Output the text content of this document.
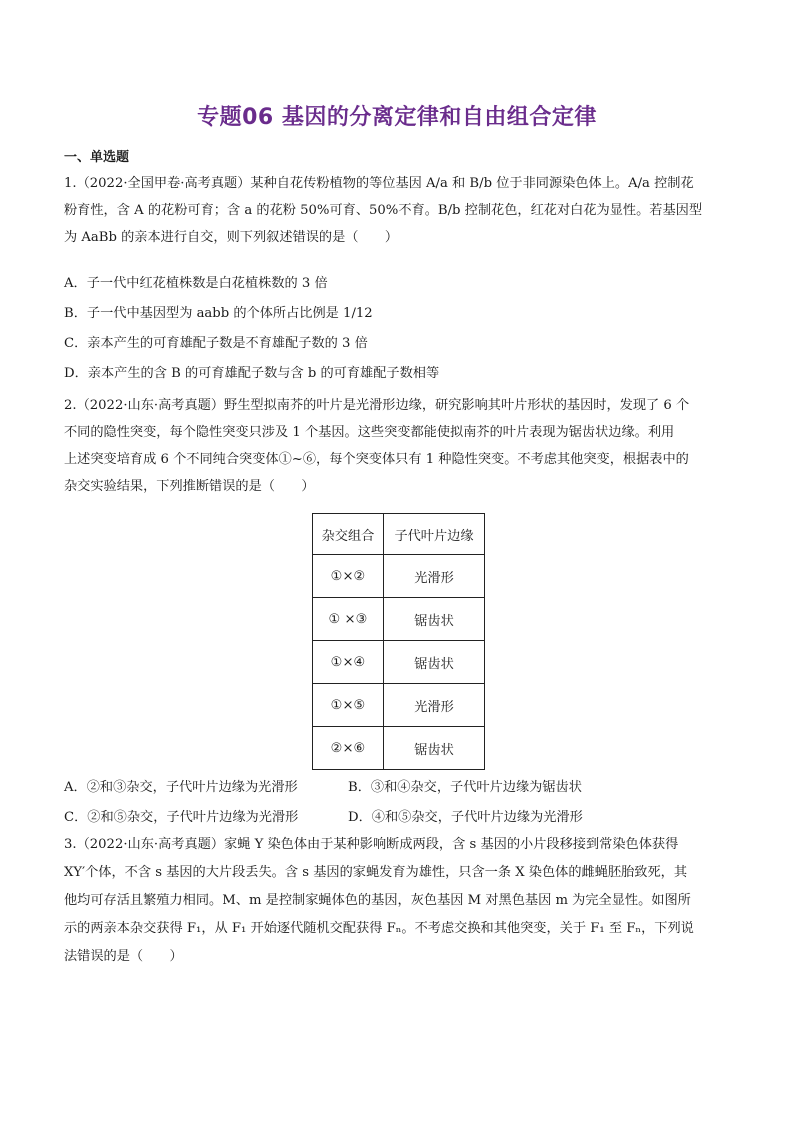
专题06 基因的分离定律和自由组合定律
一、单选题
1.（2022·全国甲卷·高考真题）某种自花传粉植物的等位基因 A/a 和 B/b 位于非同源染色体上。A/a 控制花
粉育性，含 A 的花粉可育；含 a 的花粉 50%可育、50%不育。B/b 控制花色，红花对白花为显性。若基因型
为 AaBb 的亲本进行自交，则下列叙述错误的是（　　）
A．子一代中红花植株数是白花植株数的 3 倍
B．子一代中基因型为 aabb 的个体所占比例是 1/12
C．亲本产生的可育雄配子数是不育雄配子数的 3 倍
D．亲本产生的含 B 的可育雄配子数与含 b 的可育雄配子数相等
2.（2022·山东·高考真题）野生型拟南芥的叶片是光滑形边缘，研究影响其叶片形状的基因时，发现了 6 个
不同的隐性突变，每个隐性突变只涉及 1 个基因。这些突变都能使拟南芥的叶片表现为锯齿状边缘。利用
上述突变培育成 6 个不同纯合突变体①~⑥，每个突变体只有 1 种隐性突变。不考虑其他突变，根据表中的
杂交实验结果，下列推断错误的是（　　）
杂交组合	子代叶片边缘
①×②	光滑形
① ×③	锯齿状
①×④	锯齿状
①×⑤	光滑形
②×⑥	锯齿状
A．②和③杂交，子代叶片边缘为光滑形	B．③和④杂交，子代叶片边缘为锯齿状
C．②和⑤杂交，子代叶片边缘为光滑形	D．④和⑤杂交，子代叶片边缘为光滑形
3.（2022·山东·高考真题）家蝇 Y 染色体由于某种影响断成两段，含 s 基因的小片段移接到常染色体获得
XY′个体，不含 s 基因的大片段丢失。含 s 基因的家蝇发育为雄性，只含一条 X 染色体的雌蝇胚胎致死，其
他均可存活且繁殖力相同。M、m 是控制家蝇体色的基因，灰色基因 M 对黑色基因 m 为完全显性。如图所
示的两亲本杂交获得 F₁，从 F₁ 开始逐代随机交配获得 Fₙ。不考虑交换和其他突变，关于 F₁ 至 Fₙ，下列说
法错误的是（　　）
